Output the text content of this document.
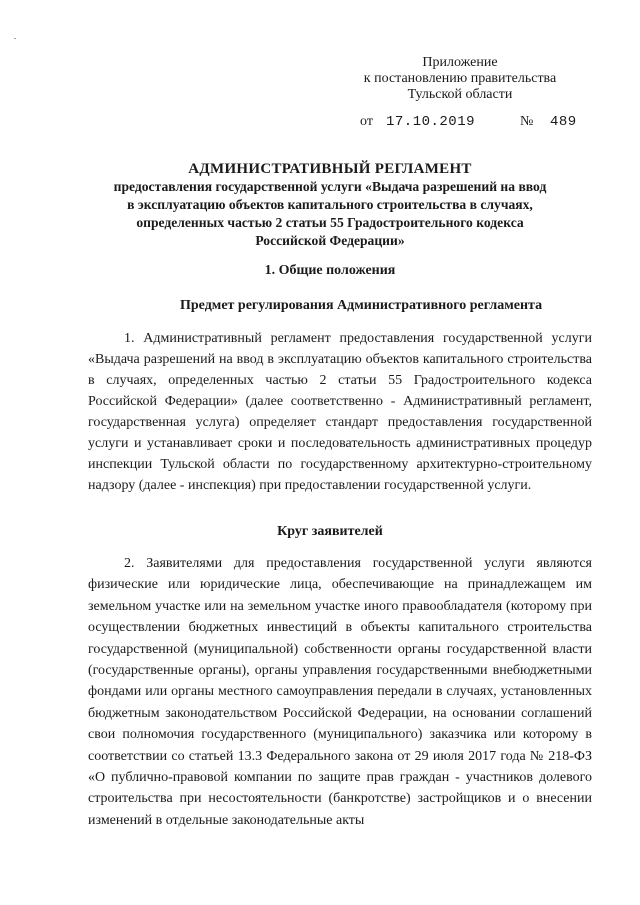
Приложение
к постановлению правительства
Тульской области
от 17.10.2019	№ 489
АДМИНИСТРАТИВНЫЙ РЕГЛАМЕНТ
предоставления государственной услуги «Выдача разрешений на ввод
в эксплуатацию объектов капитального строительства в случаях,
определенных частью 2 статьи 55 Градостроительного кодекса
Российской Федерации»
1. Общие положения
Предмет регулирования Административного регламента

1. Административный регламент предоставления государственной услуги «Выдача разрешений на ввод в эксплуатацию объектов капитального строительства в случаях, определенных частью 2 статьи 55 Градостроительного кодекса Российской Федерации» (далее соответственно - Административный регламент, государственная услуга) определяет стандарт предоставления государственной услуги и устанавливает сроки и последовательность административных процедур инспекции Тульской области по государственному архитектурно-строительному надзору (далее - инспекция) при предоставлении государственной услуги.

Круг заявителей

2. Заявителями для предоставления государственной услуги являются физические или юридические лица, обеспечивающие на принадлежащем им земельном участке или на земельном участке иного правообладателя (которому при осуществлении бюджетных инвестиций в объекты капитального строительства государственной (муниципальной) собственности органы государственной власти (государственные органы), органы управления государственными внебюджетными фондами или органы местного самоуправления передали в случаях, установленных бюджетным законодательством Российской Федерации, на основании соглашений свои полномочия государственного (муниципального) заказчика или которому в соответствии со статьей 13.3 Федерального закона от 29 июля 2017 года № 218-ФЗ «О публично-правовой компании по защите прав граждан - участников долевого строительства при несостоятельности (банкротстве) застройщиков и о внесении изменений в отдельные законодательные акты
